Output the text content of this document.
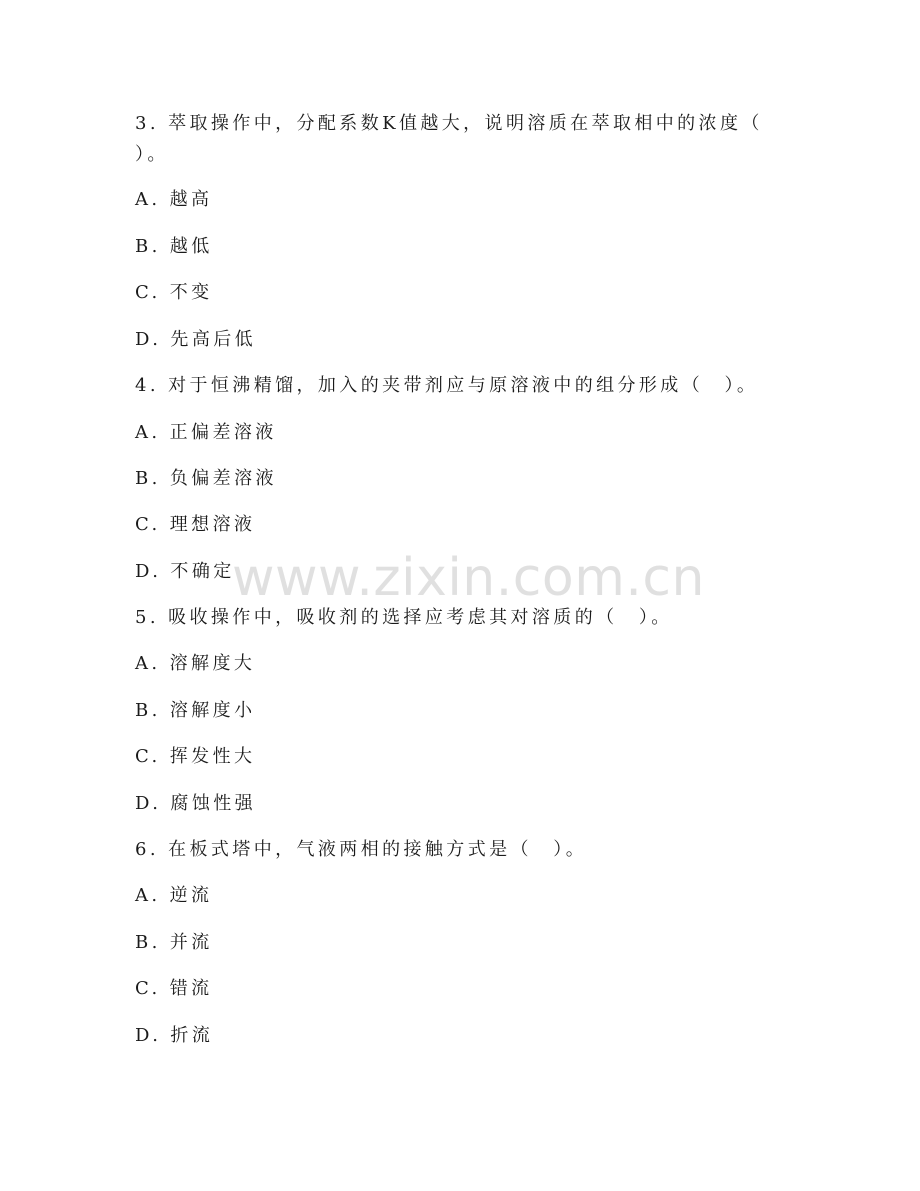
www.zixin.com.cn
3. 萃取操作中，分配系数K值越大，说明溶质在萃取相中的浓度（
）。
A. 越高
B. 越低
C. 不变
D. 先高后低
4. 对于恒沸精馏，加入的夹带剂应与原溶液中的组分形成（　）。
A. 正偏差溶液
B. 负偏差溶液
C. 理想溶液
D. 不确定
5. 吸收操作中，吸收剂的选择应考虑其对溶质的（　）。
A. 溶解度大
B. 溶解度小
C. 挥发性大
D. 腐蚀性强
6. 在板式塔中，气液两相的接触方式是（　）。
A. 逆流
B. 并流
C. 错流
D. 折流
